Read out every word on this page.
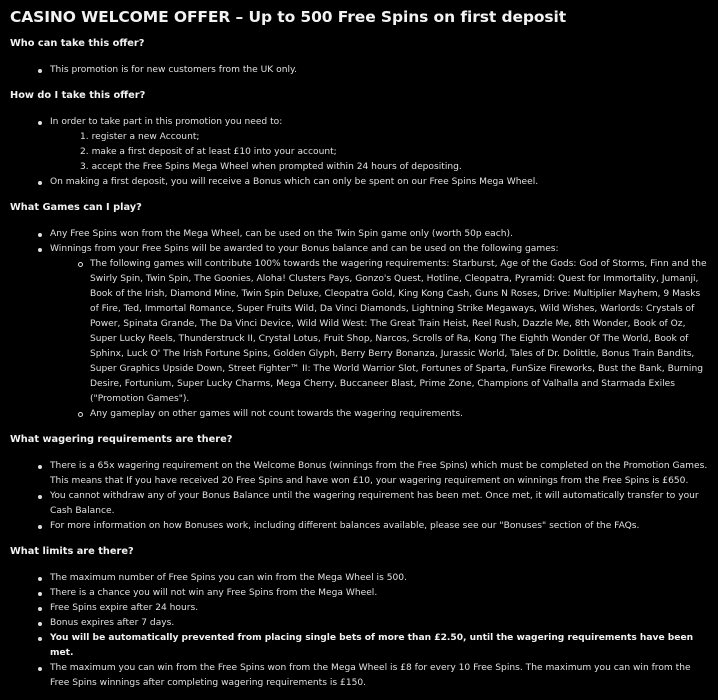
CASINO WELCOME OFFER – Up to 500 Free Spins on first deposit
Who can take this offer?
This promotion is for new customers from the UK only.
How do I take this offer?
In order to take part in this promotion you need to:
1. register a new Account;
2. make a first deposit of at least £10 into your account;
3. accept the Free Spins Mega Wheel when prompted within 24 hours of depositing.
On making a first deposit, you will receive a Bonus which can only be spent on our Free Spins Mega Wheel.
What Games can I play?
Any Free Spins won from the Mega Wheel, can be used on the Twin Spin game only (worth 50p each).
Winnings from your Free Spins will be awarded to your Bonus balance and can be used on the following games:
The following games will contribute 100% towards the wagering requirements: Starburst, Age of the Gods: God of Storms, Finn and the Swirly Spin, Twin Spin, The Goonies, Aloha! Clusters Pays, Gonzo's Quest, Hotline, Cleopatra, Pyramid: Quest for Immortality, Jumanji, Book of the Irish, Diamond Mine, Twin Spin Deluxe, Cleopatra Gold, King Kong Cash, Guns N Roses, Drive: Multiplier Mayhem, 9 Masks of Fire, Ted, Immortal Romance, Super Fruits Wild, Da Vinci Diamonds, Lightning Strike Megaways, Wild Wishes, Warlords: Crystals of Power, Spinata Grande, The Da Vinci Device, Wild Wild West: The Great Train Heist, Reel Rush, Dazzle Me, 8th Wonder, Book of Oz, Super Lucky Reels, Thunderstruck II, Crystal Lotus, Fruit Shop, Narcos, Scrolls of Ra, Kong The Eighth Wonder Of The World, Book of Sphinx, Luck O' The Irish Fortune Spins, Golden Glyph, Berry Berry Bonanza, Jurassic World, Tales of Dr. Dolittle, Bonus Train Bandits, Super Graphics Upside Down, Street Fighter™ II: The World Warrior Slot, Fortunes of Sparta, FunSize Fireworks, Bust the Bank, Burning Desire, Fortunium, Super Lucky Charms, Mega Cherry, Buccaneer Blast, Prime Zone, Champions of Valhalla and Starmada Exiles ("Promotion Games").
Any gameplay on other games will not count towards the wagering requirements.
What wagering requirements are there?
There is a 65x wagering requirement on the Welcome Bonus (winnings from the Free Spins) which must be completed on the Promotion Games. This means that If you have received 20 Free Spins and have won £10, your wagering requirement on winnings from the Free Spins is £650.
You cannot withdraw any of your Bonus Balance until the wagering requirement has been met. Once met, it will automatically transfer to your Cash Balance.
For more information on how Bonuses work, including different balances available, please see our "Bonuses" section of the FAQs.
What limits are there?
The maximum number of Free Spins you can win from the Mega Wheel is 500.
There is a chance you will not win any Free Spins from the Mega Wheel.
Free Spins expire after 24 hours.
Bonus expires after 7 days.
You will be automatically prevented from placing single bets of more than £2.50, until the wagering requirements have been met.
The maximum you can win from the Free Spins won from the Mega Wheel is £8 for every 10 Free Spins. The maximum you can win from the Free Spins winnings after completing wagering requirements is £150.
